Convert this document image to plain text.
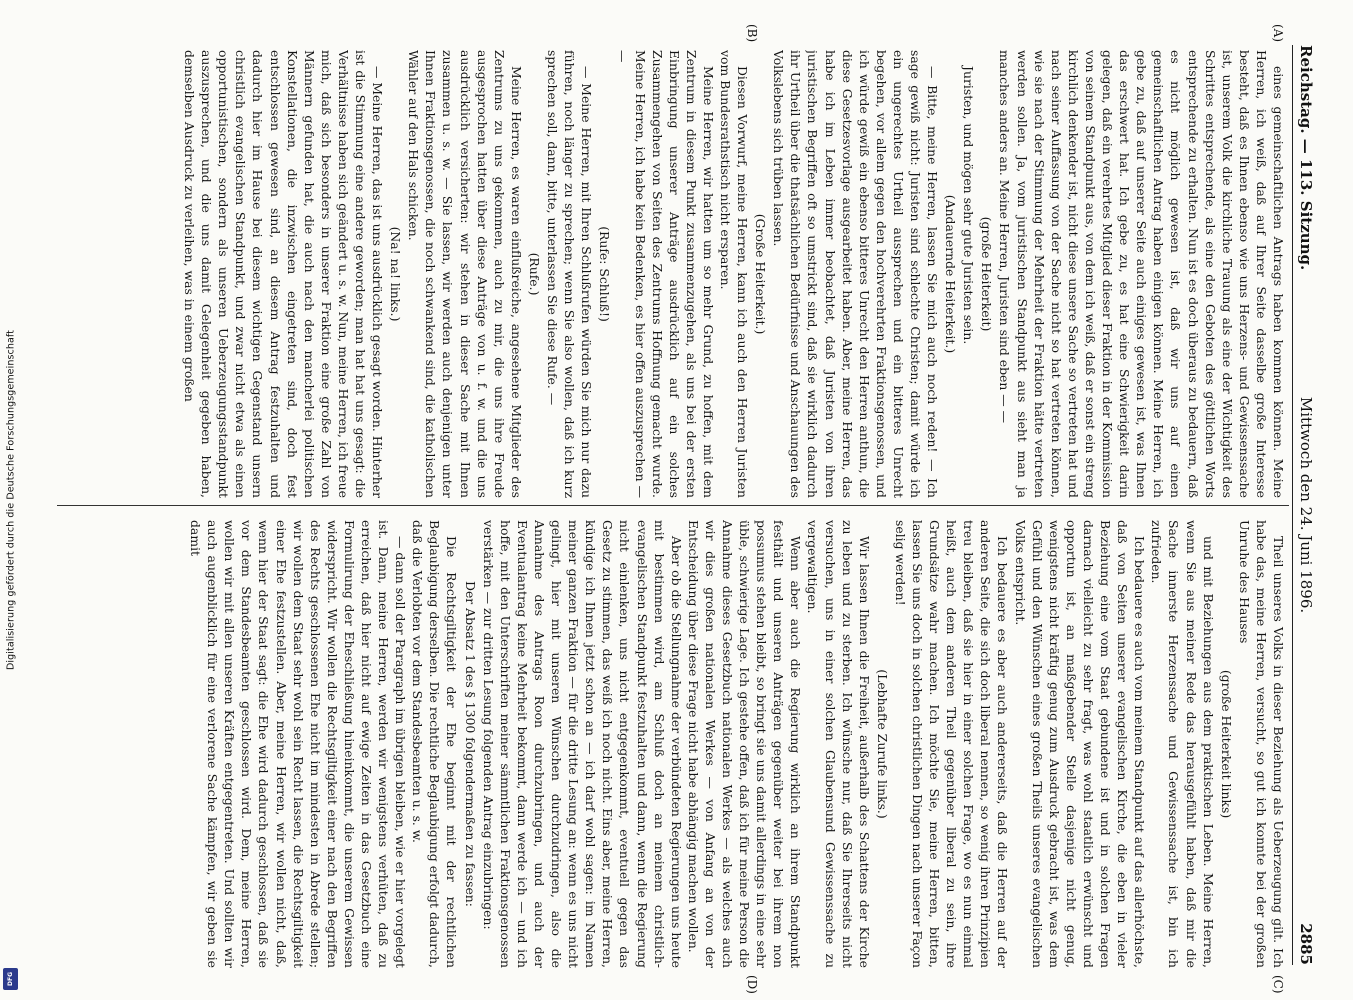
Digitalisierung gefördert durch die Deutsche Forschungsgemeinschaft
DFG
Reichstag. — 113. Sitzung.
Mittwoch den 24. Juni 1896.
2885
(A)
(B)
(C)
(D)

eines gemeinschaftlichen Antrags haben kommen können. Meine Herren, ich weiß, daß auf Ihrer Seite dasselbe große Interesse besteht, daß es Ihnen ebenso wie uns Herzens- und Gewissenssache ist, unserem Volk die kirchliche Trauung als eine der Wichtigkeit des Schrittes entsprechende, als eine den Geboten des göttlichen Worts entsprechende zu erhalten. Nun ist es doch überaus zu bedauern, daß es nicht möglich gewesen ist, daß wir uns auf einen gemeinschaftlichen Antrag haben einigen können. Meine Herren, ich gebe zu, daß auf unserer Seite auch einiges gewesen ist, was Ihnen das erschwert hat. Ich gebe zu, es hat eine Schwierigkeit darin gelegen, daß ein verehrtes Mitglied dieser Fraktion in der Kommission von seinem Standpunkt aus, von dem ich weiß, daß er sonst ein streng kirchlich denkender ist, nicht diese unsere Sache so vertreten hat und nach seiner Auffassung von der Sache nicht so hat vertreten können, wie sie nach der Stimmung der Mehrheit der Fraktion hätte vertreten werden sollen. Ja, vom juristischen Standpunkt aus sieht man ja manches anders an. Meine Herren, Juristen sind eben — —

(große Heiterkeit)

Juristen, und mögen sehr gute Juristen sein.

(Andauernde Heiterkeit.)

— Bitte, meine Herren, lassen Sie mich auch noch reden! — Ich sage gewiß nicht: Juristen sind schlechte Christen; damit würde ich ein ungerechtes Urtheil aussprechen und ein bitteres Unrecht begehen, vor allem gegen den hochverehrten Fraktionsgenossen, und ich würde gewiß ein ebenso bitteres Unrecht den Herren anthun, die diese Gesetzesvorlage ausgearbeitet haben. Aber, meine Herren, das habe ich im Leben immer beobachtet, daß Juristen von ihren juristischen Begriffen oft so umstrickt sind, daß sie wirklich dadurch ihr Urtheil über die thatsächlichen Bedürfnisse und Anschauungen des Volkslebens sich trüben lassen.

(Große Heiterkeit.)

Diesen Vorwurf, meine Herren, kann ich auch den Herren Juristen vom Bundesrathstisch nicht ersparen.

Meine Herren, wir hatten um so mehr Grund, zu hoffen, mit dem Zentrum in diesem Punkt zusammenzugehen, als uns bei der ersten Einbringung unserer Anträge ausdrücklich auf ein solches Zusammengehen von Seiten des Zentrums Hoffnung gemacht wurde. Meine Herren, ich habe kein Bedenken, es hier offen auszusprechen — —

(Rufe: Schluß!)

— Meine Herren, mit Ihren Schlußrufen würden Sie mich nur dazu führen, noch länger zu sprechen; wenn Sie also wollen, daß ich kurz sprechen soll, dann, bitte, unterlassen Sie diese Rufe. —

(Rufe.)

Meine Herren, es waren einflußreiche, angesehene Mitglieder des Zentrums zu uns gekommen, auch zu mir, die uns ihre Freude ausgesprochen hatten über diese Anträge von u. f. w. und die uns ausdrücklich versicherten: wir stehen in dieser Sache mit Ihnen zusammen u. s. w. — Sie lassen, wir werden auch denjenigen unter Ihnen Fraktionsgenossen, die noch schwankend sind, die katholischen Wähler auf den Hals schicken.

(Na! na! links.)

— Meine Herren, das ist uns ausdrücklich gesagt worden. Hinterher ist die Stimmung eine andere geworden; man hat hat uns gesagt: die Verhältnisse haben sich geändert u. s. w. Nun, meine Herren, ich freue mich, daß sich besonders in unserer Fraktion eine große Zahl von Männern gefunden hat, die auch nach den mancherlei politischen Konstellationen, die inzwischen eingetreten sind, doch fest entschlossen gewesen sind, an diesem Antrag festzuhalten und dadurch hier im Hause bei diesem wichtigen Gegenstand unsern christlich evangelischen Standpunkt, und zwar nicht etwa als einen opportunistischen, sondern als unseren Ueberzeugungsstandpunkt auszusprechen, und die uns damit Gelegenheit gegeben haben, demselben Ausdruck zu verleihen, was in einem großen

Theil unseres Volks in dieser Beziehung als Ueberzeugung gilt. Ich habe das, meine Herren, versucht, so gut ich konnte bei der großen Unruhe des Hauses

(große Heiterkeit links)

und mit Beziehungen aus dem praktischen Leben. Meine Herren, wenn Sie aus meiner Rede das herausgefühlt haben, daß mir die Sache innerste Herzenssache und Gewissenssache ist, bin ich zufrieden.

Ich bedauere es auch vom meinem Standpunkt auf das allerhöchste, daß von Seiten unserer evangelischen Kirche, die eben in vieler Beziehung eine vom Staat gebundene ist und in solchen Fragen darnach vielleicht zu sehr fragt, was wohl staatlich erwünscht und opportun ist, an maßgebender Stelle dasjenige nicht genug, wenigstens nicht kräftig genug zum Ausdruck gebracht ist, was dem Gefühl und den Wünschen eines großen Theils unseres evangelischen Volks entspricht.

Ich bedauere es aber auch andererseits, daß die Herren auf der anderen Seite, die sich doch liberal nennen, so wenig ihren Prinzipien treu bleiben, daß sie hier in einer solchen Frage, wo es nun einmal heißt, auch dem anderen Theil gegenüber liberal zu sein, ihre Grundsätze wahr machen. Ich möchte Sie, meine Herren, bitten, lassen Sie uns doch in solchen christlichen Dingen nach unserer Façon selig werden!

(Lebhafte Zurufe links.)

Wir lassen Ihnen die Freiheit, außerhalb des Schattens der Kirche zu leben und zu sterben. Ich wünsche nur, daß Sie Ihrerseits nicht versuchen, uns in einer solchen Glaubensund Gewissenssache zu vergewaltigen.

Wenn aber auch die Regierung wirklich an ihrem Standpunkt festhält und unseren Anträgen gegenüber weiter bei ihrem non possumus stehen bleibt, so bringt sie uns damit allerdings in eine sehr üble, schwierige Lage. Ich gestehe offen, daß ich für meine Person die Annahme dieses Gesetzbuch nationalen Werkes — als welches auch wir dies großen nationalen Werkes — von Anfang an von der Entscheidung über diese Frage nicht habe abhängig machen wollen.

Aber ob die Stellungnahme der verbündeten Regierungen uns heute mit bestimmen wird, am Schluß doch an meinem christlich-evangelischen Standpunkt festzuhalten und dann, wenn die Regierung nicht einlenken, uns nicht entgegenkommt, eventuell gegen das Gesetz zu stimmen, das weiß ich noch nicht. Eins aber, meine Herren, kündige ich Ihnen jetzt schon an — ich darf wohl sagen: im Namen meiner ganzen Fraktion — für die dritte Lesung an: wenn es uns nicht gelingt, hier mit unseren Wünschen durchzudringen, also die Annahme des Antrags Roon durchzubringen, und auch der Eventualantrag keine Mehrheit bekommt, dann werde ich — und ich hoffe, mit den Unterschriften meiner sämmtlichen Fraktionsgenossen verstärken — zur dritten Lesung folgenden Antrag einzubringen:

Der Absatz 1 des § 1300 folgendermaßen zu fassen:

Die Rechtsgiltigkeit der Ehe beginnt mit der rechtlichen Beglaubigung derselben. Die rechtliche Beglaubigung erfolgt dadurch, daß die Verlobten vor dem Standesbeamten u. s. w.

— dann soll der Paragraph im übrigen bleiben, wie er hier vorgelegt ist. Dann, meine Herren, werden wir wenigstens verhüten, daß zu erreichen, daß hier nicht auf ewige Zeiten in das Gesetzbuch eine Formulirung der Eheschließung hineinkommt, die unserem Gewissen widerspricht. Wir wollen die Rechtsgiltigkeit einer nach den Begriffen des Rechts geschlossenen Ehe nicht im mindesten in Abrede stellen; wir wollen dem Staat sehr wohl sein Recht lassen, die Rechtsgiltigkeit einer Ehe festzustellen. Aber, meine Herren, wir wollen nicht, daß, wenn hier der Staat sagt: die Ehe wird dadurch geschlossen, daß sie vor dem Standesbeamten geschlossen wird. Dem, meine Herren, wollen wir mit allen unseren Kräften entgegentreten. Und sollten wir auch augenblicklich für eine verlorene Sache kämpfen, wir geben sie damit
